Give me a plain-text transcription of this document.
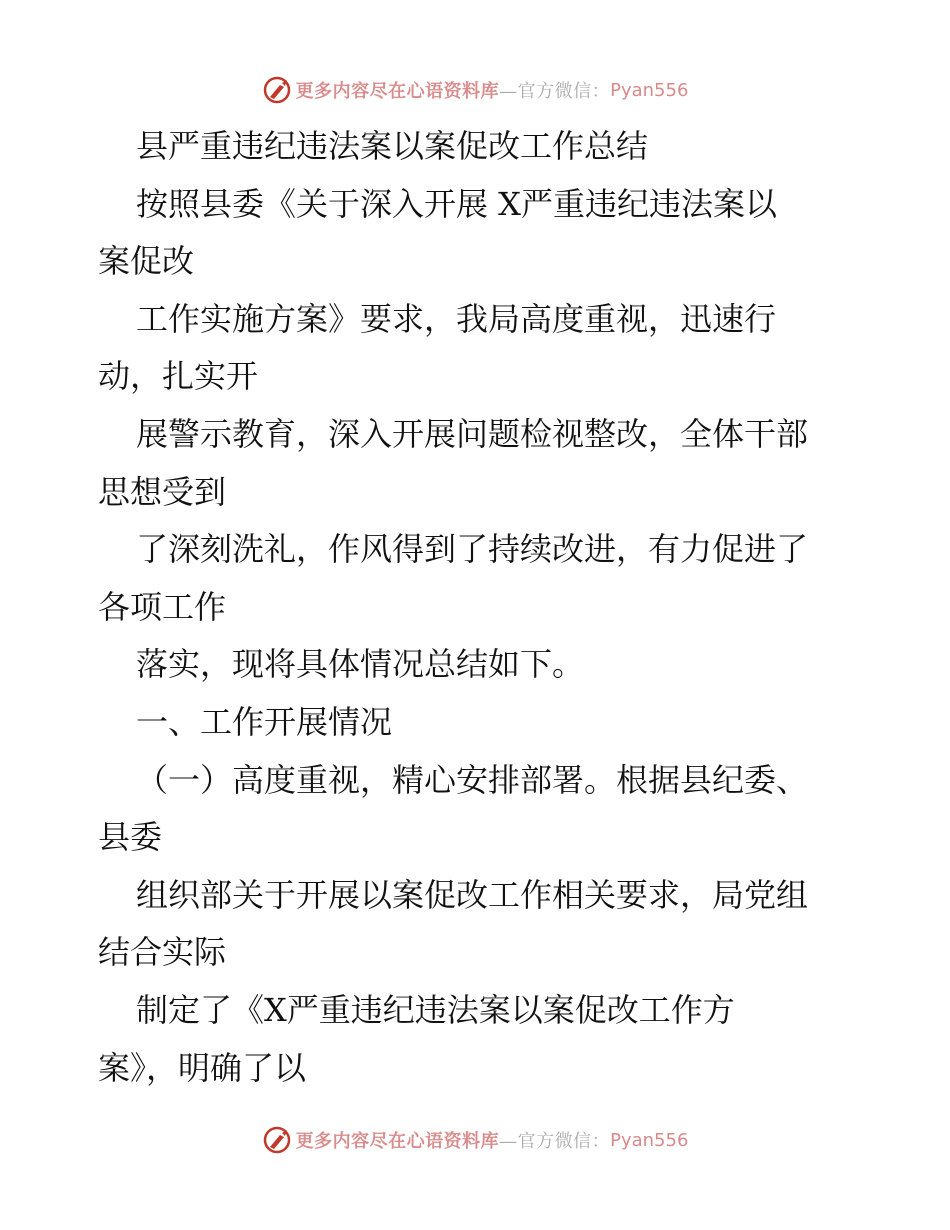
更多内容尽在心语资料库 —官方微信： Pyan556
县严重违纪违法案以案促改工作总结
按照县委《关于深入开展 X严重违纪违法案以
案促改
工作实施方案》要求，我局高度重视，迅速行
动，扎实开
展警示教育，深入开展问题检视整改，全体干部
思想受到
了深刻洗礼，作风得到了持续改进，有力促进了
各项工作
落实，现将具体情况总结如下。
一、工作开展情况
（一）高度重视，精心安排部署。根据县纪委、
县委
组织部关于开展以案促改工作相关要求，局党组
结合实际
制定了《X严重违纪违法案以案促改工作方
案》，明确了以
更多内容尽在心语资料库 —官方微信： Pyan556
